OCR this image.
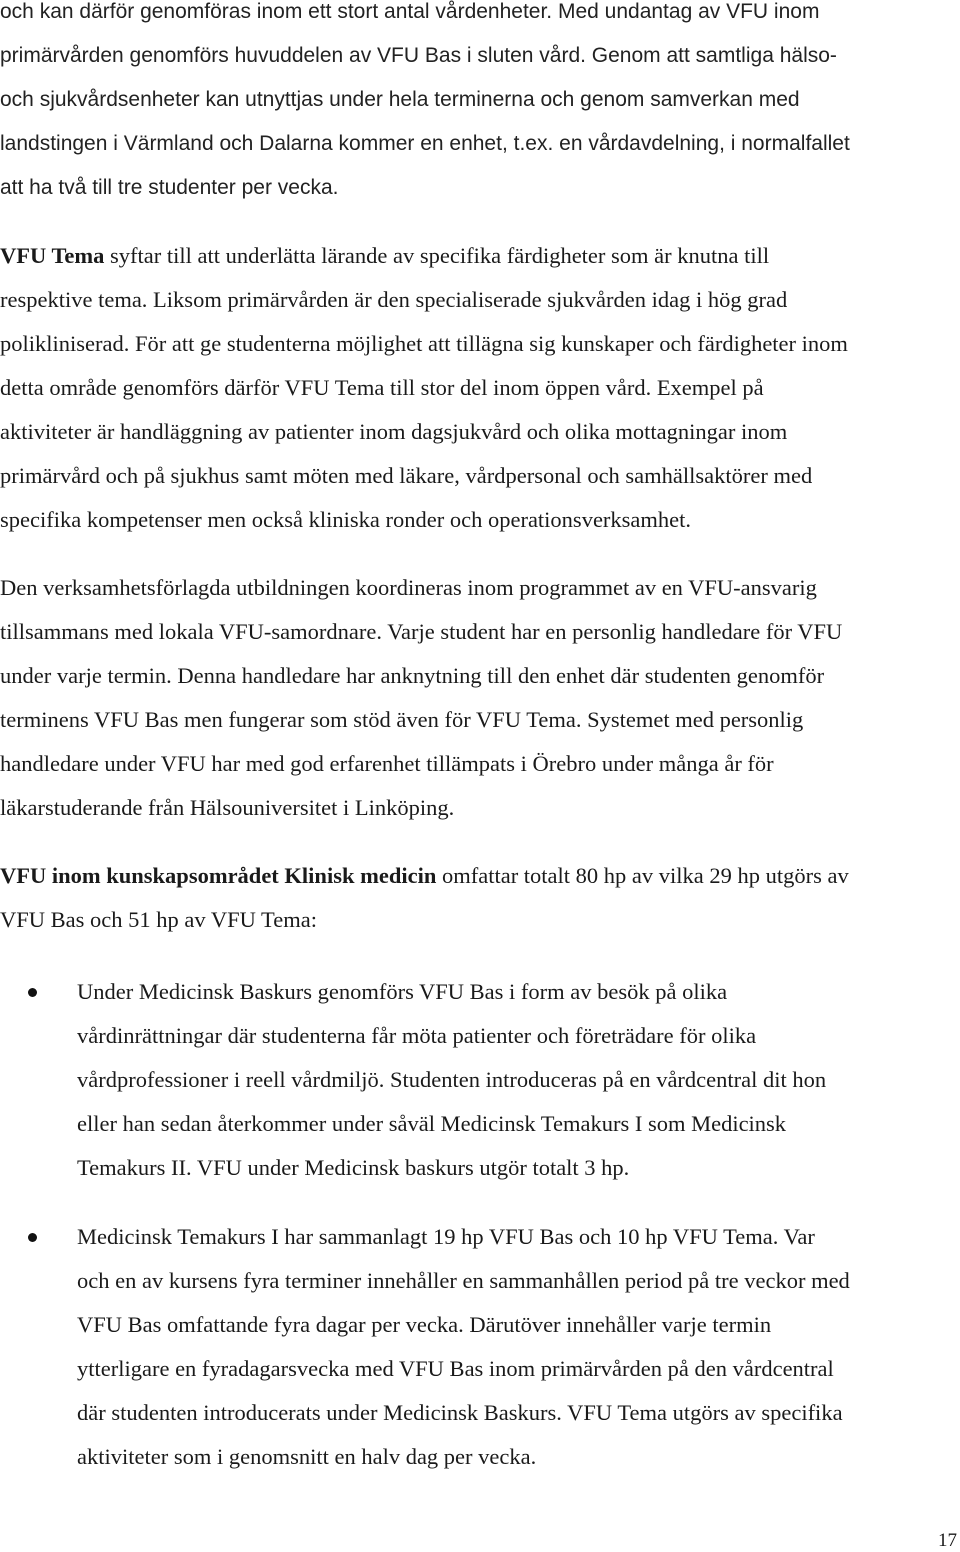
och kan därför genomföras inom ett stort antal vårdenheter. Med undantag av VFU inom
primärvården genomförs huvuddelen av VFU Bas i sluten vård. Genom att samtliga hälso-
och sjukvårdsenheter kan utnyttjas under hela terminerna och genom samverkan med
landstingen i Värmland och Dalarna kommer en enhet, t.ex. en vårdavdelning, i normalfallet
att ha två till tre studenter per vecka.
VFU Tema syftar till att underlätta lärande av specifika färdigheter som är knutna till
respektive tema. Liksom primärvården är den specialiserade sjukvården idag i hög grad
polikliniserad. För att ge studenterna möjlighet att tillägna sig kunskaper och färdigheter inom
detta område genomförs därför VFU Tema till stor del inom öppen vård. Exempel på
aktiviteter är handläggning av patienter inom dagsjukvård och olika mottagningar inom
primärvård och på sjukhus samt möten med läkare, vårdpersonal och samhällsaktörer med
specifika kompetenser men också kliniska ronder och operationsverksamhet.
Den verksamhetsförlagda utbildningen koordineras inom programmet av en VFU-ansvarig
tillsammans med lokala VFU-samordnare. Varje student har en personlig handledare för VFU
under varje termin. Denna handledare har anknytning till den enhet där studenten genomför
terminens VFU Bas men fungerar som stöd även för VFU Tema. Systemet med personlig
handledare under VFU har med god erfarenhet tillämpats i Örebro under många år för
läkarstuderande från Hälsouniversitet i Linköping.
VFU inom kunskapsområdet Klinisk medicin omfattar totalt 80 hp av vilka 29 hp utgörs av
VFU Bas och 51 hp av VFU Tema:
Under Medicinsk Baskurs genomförs VFU Bas i form av besök på olika
vårdinrättningar där studenterna får möta patienter och företrädare för olika
vårdprofessioner i reell vårdmiljö. Studenten introduceras på en vårdcentral dit hon
eller han sedan återkommer under såväl Medicinsk Temakurs I som Medicinsk
Temakurs II. VFU under Medicinsk baskurs utgör totalt 3 hp.
Medicinsk Temakurs I har sammanlagt 19 hp VFU Bas och 10 hp VFU Tema. Var
och en av kursens fyra terminer innehåller en sammanhållen period på tre veckor med
VFU Bas omfattande fyra dagar per vecka. Därutöver innehåller varje termin
ytterligare en fyradagarsvecka med VFU Bas inom primärvården på den vårdcentral
där studenten introducerats under Medicinsk Baskurs. VFU Tema utgörs av specifika
aktiviteter som i genomsnitt en halv dag per vecka.
17
